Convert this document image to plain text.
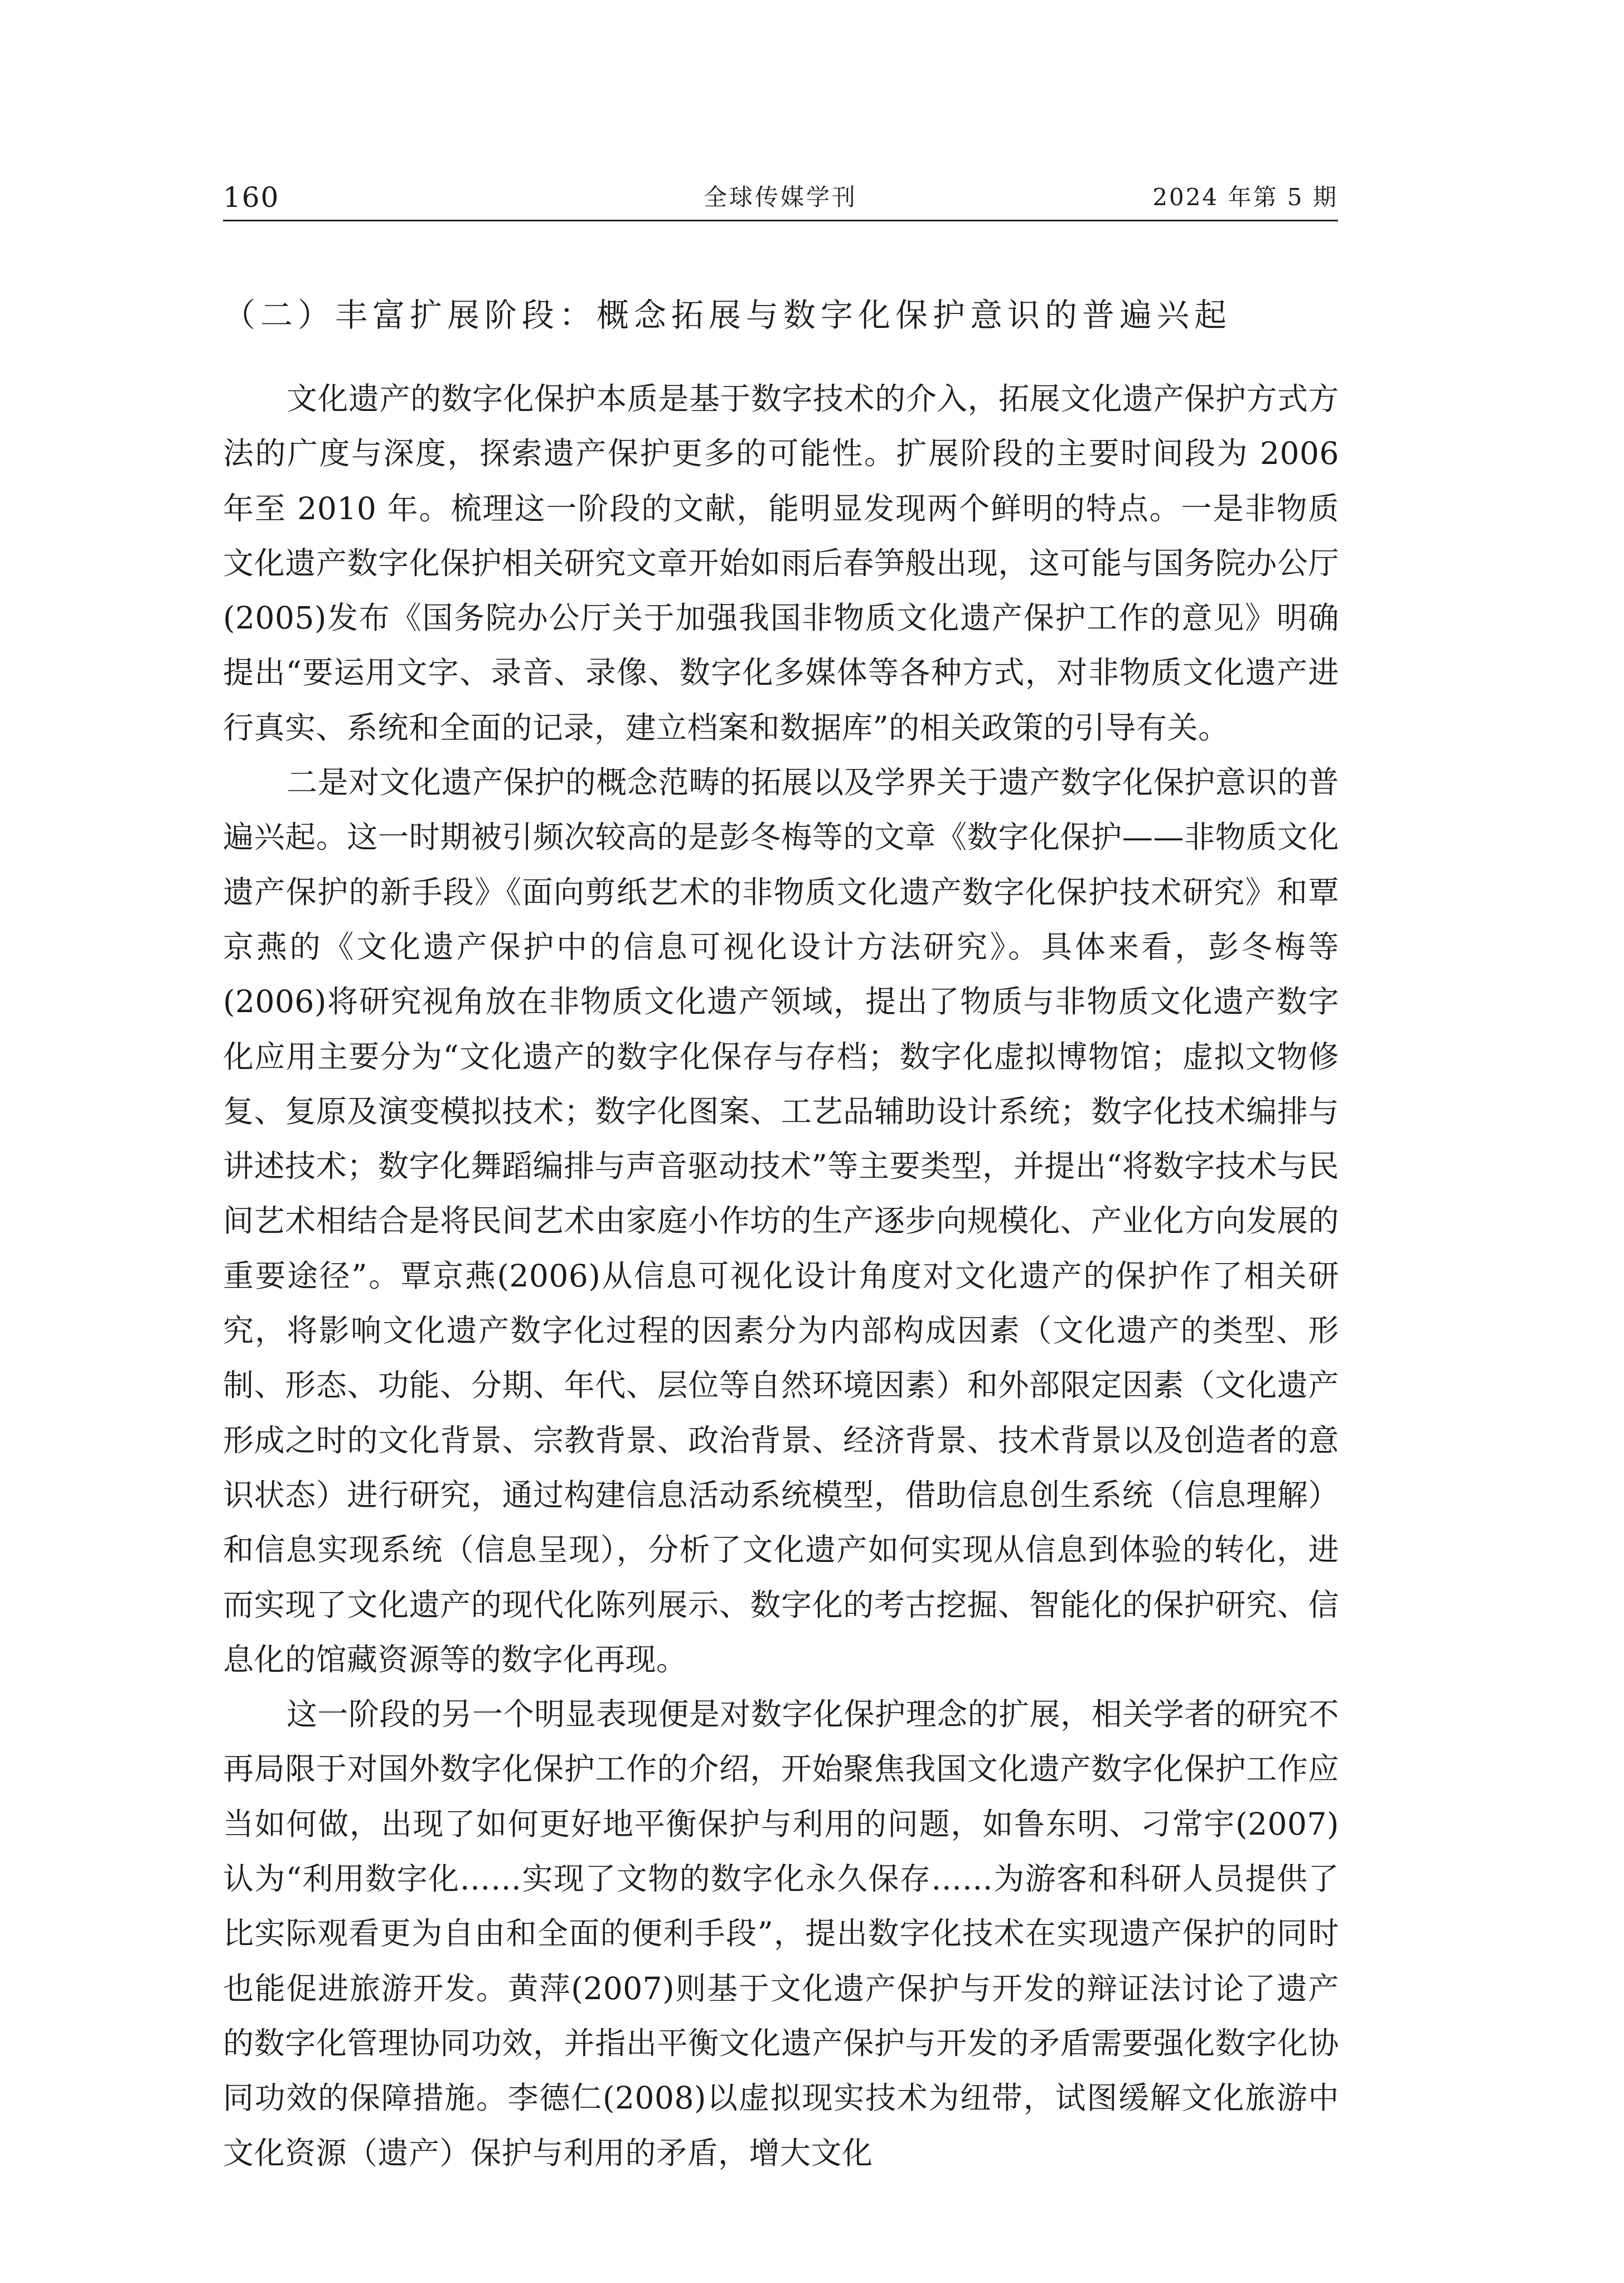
160	全球传媒学刊	2024 年第 5 期
（二）丰富扩展阶段：概念拓展与数字化保护意识的普遍兴起

文化遗产的数字化保护本质是基于数字技术的介入，拓展文化遗产保护方式方法的广度与深度，探索遗产保护更多的可能性。扩展阶段的主要时间段为 2006 年至 2010 年。梳理这一阶段的文献，能明显发现两个鲜明的特点。一是非物质文化遗产数字化保护相关研究文章开始如雨后春笋般出现，这可能与国务院办公厅(2005)发布《国务院办公厅关于加强我国非物质文化遗产保护工作的意见》明确提出“要运用文字、录音、录像、数字化多媒体等各种方式，对非物质文化遗产进行真实、系统和全面的记录，建立档案和数据库”的相关政策的引导有关。

二是对文化遗产保护的概念范畴的拓展以及学界关于遗产数字化保护意识的普遍兴起。这一时期被引频次较高的是彭冬梅等的文章《数字化保护——非物质文化遗产保护的新手段》《面向剪纸艺术的非物质文化遗产数字化保护技术研究》和覃京燕的《文化遗产保护中的信息可视化设计方法研究》。具体来看，彭冬梅等(2006)将研究视角放在非物质文化遗产领域，提出了物质与非物质文化遗产数字化应用主要分为“文化遗产的数字化保存与存档；数字化虚拟博物馆；虚拟文物修复、复原及演变模拟技术；数字化图案、工艺品辅助设计系统；数字化技术编排与讲述技术；数字化舞蹈编排与声音驱动技术”等主要类型，并提出“将数字技术与民间艺术相结合是将民间艺术由家庭小作坊的生产逐步向规模化、产业化方向发展的重要途径”。覃京燕(2006)从信息可视化设计角度对文化遗产的保护作了相关研究，将影响文化遗产数字化过程的因素分为内部构成因素（文化遗产的类型、形制、形态、功能、分期、年代、层位等自然环境因素）和外部限定因素（文化遗产形成之时的文化背景、宗教背景、政治背景、经济背景、技术背景以及创造者的意识状态）进行研究，通过构建信息活动系统模型，借助信息创生系统（信息理解）和信息实现系统（信息呈现），分析了文化遗产如何实现从信息到体验的转化，进而实现了文化遗产的现代化陈列展示、数字化的考古挖掘、智能化的保护研究、信息化的馆藏资源等的数字化再现。

这一阶段的另一个明显表现便是对数字化保护理念的扩展，相关学者的研究不再局限于对国外数字化保护工作的介绍，开始聚焦我国文化遗产数字化保护工作应当如何做，出现了如何更好地平衡保护与利用的问题，如鲁东明、刁常宇(2007)认为“利用数字化……实现了文物的数字化永久保存……为游客和科研人员提供了比实际观看更为自由和全面的便利手段”，提出数字化技术在实现遗产保护的同时也能促进旅游开发。黄萍(2007)则基于文化遗产保护与开发的辩证法讨论了遗产的数字化管理协同功效，并指出平衡文化遗产保护与开发的矛盾需要强化数字化协同功效的保障措施。李德仁(2008)以虚拟现实技术为纽带，试图缓解文化旅游中文化资源（遗产）保护与利用的矛盾，增大文化
